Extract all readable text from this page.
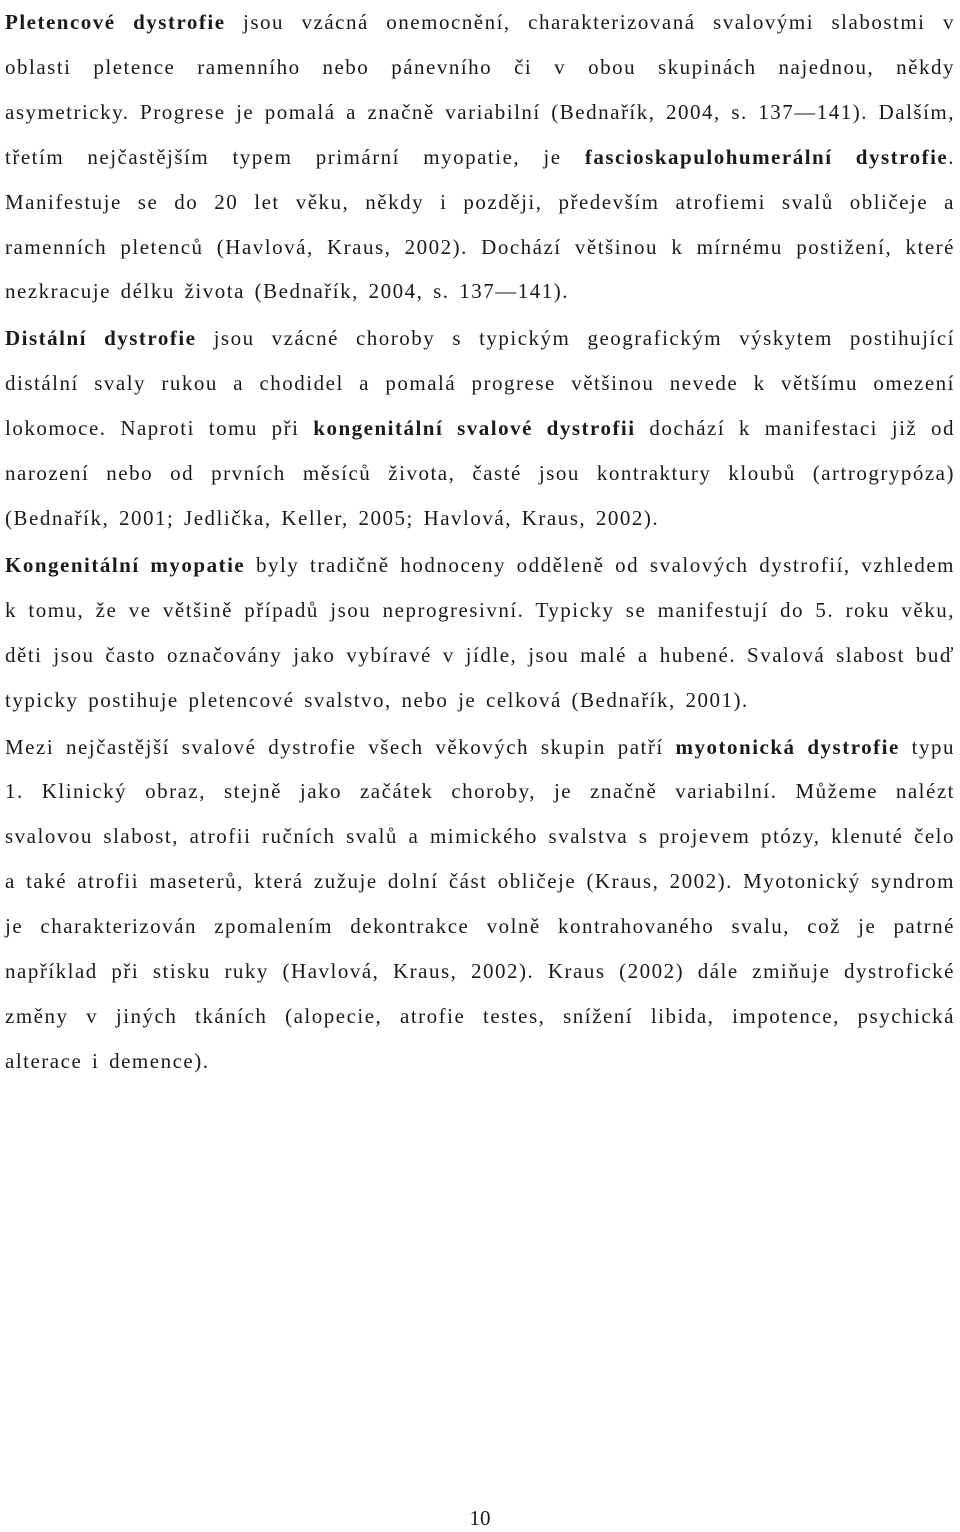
Pletencové dystrofie jsou vzácná onemocnění, charakterizovaná svalovými slabostmi v oblasti pletence ramenního nebo pánevního či v obou skupinách najednou, někdy asymetricky. Progrese je pomalá a značně variabilní (Bednařík, 2004, s. 137—141). Dalším, třetím nejčastějším typem primární myopatie, je fascioskapulohumerální dystrofie. Manifestuje se do 20 let věku, někdy i později, především atrofiemi svalů obličeje a ramenních pletenců (Havlová, Kraus, 2002). Dochází většinou k mírnému postižení, které nezkracuje délku života (Bednařík, 2004, s. 137—141).

Distální dystrofie jsou vzácné choroby s typickým geografickým výskytem postihující distální svaly rukou a chodidel a pomalá progrese většinou nevede k většímu omezení lokomoce. Naproti tomu při kongenitální svalové dystrofii dochází k manifestaci již od narození nebo od prvních měsíců života, časté jsou kontraktury kloubů (artrogrypóza) (Bednařík, 2001; Jedlička, Keller, 2005; Havlová, Kraus, 2002).

Kongenitální myopatie byly tradičně hodnoceny odděleně od svalových dystrofií, vzhledem k tomu, že ve většině případů jsou neprogresivní. Typicky se manifestují do 5. roku věku, děti jsou často označovány jako vybíravé v jídle, jsou malé a hubené. Svalová slabost buď typicky postihuje pletencové svalstvo, nebo je celková (Bednařík, 2001).

Mezi nejčastější svalové dystrofie všech věkových skupin patří myotonická dystrofie typu 1. Klinický obraz, stejně jako začátek choroby, je značně variabilní. Můžeme nalézt svalovou slabost, atrofii ručních svalů a mimického svalstva s projevem ptózy, klenuté čelo a také atrofii maseterů, která zužuje dolní část obličeje (Kraus, 2002). Myotonický syndrom je charakterizován zpomalením dekontrakce volně kontrahovaného svalu, což je patrné například při stisku ruky (Havlová, Kraus, 2002). Kraus (2002) dále zmiňuje dystrofické změny v jiných tkáních (alopecie, atrofie testes, snížení libida, impotence, psychická alterace i demence).

10
